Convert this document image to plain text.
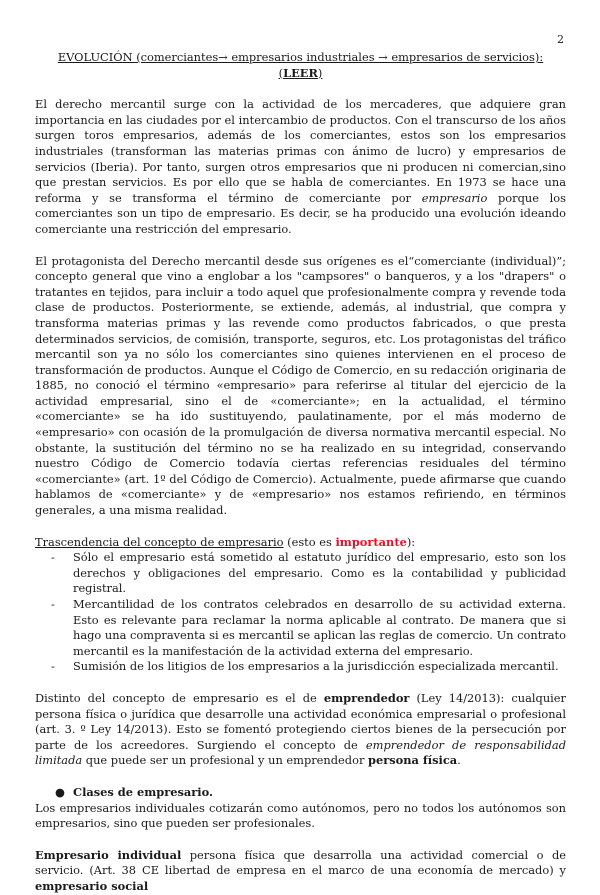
2

EVOLUCIÓN (comerciantes→ empresarios industriales → empresarios de servicios): (LEER)

El derecho mercantil surge con la actividad de los mercaderes, que adquiere gran importancia en las ciudades por el intercambio de productos. Con el transcurso de los años surgen toros empresarios, además de los comerciantes, estos son los empresarios industriales (transforman las materias primas con ánimo de lucro) y empresarios de servicios (Iberia). Por tanto, surgen otros empresarios que ni producen ni comercian,sino que prestan servicios. Es por ello que se habla de comerciantes. En 1973 se hace una reforma y se transforma el término de comerciante por empresario porque los comerciantes son un tipo de empresario. Es decir, se ha producido una evolución ideando comerciante una restricción del empresario.

El protagonista del Derecho mercantil desde sus orígenes es el“comerciante (individual)”; concepto general que vino a englobar a los "campsores" o banqueros, y a los "drapers" o tratantes en tejidos, para incluir a todo aquel que profesionalmente compra y revende toda clase de productos. Posteriormente, se extiende, además, al industrial, que compra y transforma materias primas y las revende como productos fabricados, o que presta determinados servicios, de comisión, transporte, seguros, etc. Los protagonistas del tráfico mercantil son ya no sólo los comerciantes sino quienes intervienen en el proceso de transformación de productos. Aunque el Código de Comercio, en su redacción originaria de 1885, no conoció el término «empresario» para referirse al titular del ejercicio de la actividad empresarial, sino el de «comerciante»; en la actualidad, el término «comerciante» se ha ido sustituyendo, paulatinamente, por el más moderno de «empresario» con ocasión de la promulgación de diversa normativa mercantil especial. No obstante, la sustitución del término no se ha realizado en su integridad, conservando nuestro Código de Comercio todavía ciertas referencias residuales del término «comerciante» (art. 1º del Código de Comercio). Actualmente, puede afirmarse que cuando hablamos de «comerciante» y de «empresario» nos estamos refiriendo, en términos generales, a una misma realidad.

Trascendencia del concepto de empresario (esto es importante):

- Sólo el empresario está sometido al estatuto jurídico del empresario, esto son los derechos y obligaciones del empresario. Como es la contabilidad y publicidad registral.
- Mercantilidad de los contratos celebrados en desarrollo de su actividad externa. Esto es relevante para reclamar la norma aplicable al contrato. De manera que si hago una compraventa si es mercantil se aplican las reglas de comercio. Un contrato mercantil es la manifestación de la actividad externa del empresario.
- Sumisión de los litigios de los empresarios a la jurisdicción especializada mercantil.

Distinto del concepto de empresario es el de emprendedor (Ley 14/2013): cualquier persona física o jurídica que desarrolle una actividad económica empresarial o profesional (art. 3. º Ley 14/2013). Esto se fomentó protegiendo ciertos bienes de la persecución por parte de los acreedores. Surgiendo el concepto de emprendedor de responsabilidad limitada que puede ser un profesional y un emprendedor persona física.

● Clases de empresario.

Los empresarios individuales cotizarán como autónomos, pero no todos los autónomos son empresarios, sino que pueden ser profesionales.

Empresario individual persona física que desarrolla una actividad comercial o de servicio. (Art. 38 CE libertad de empresa en el marco de una economía de mercado) y empresario social
